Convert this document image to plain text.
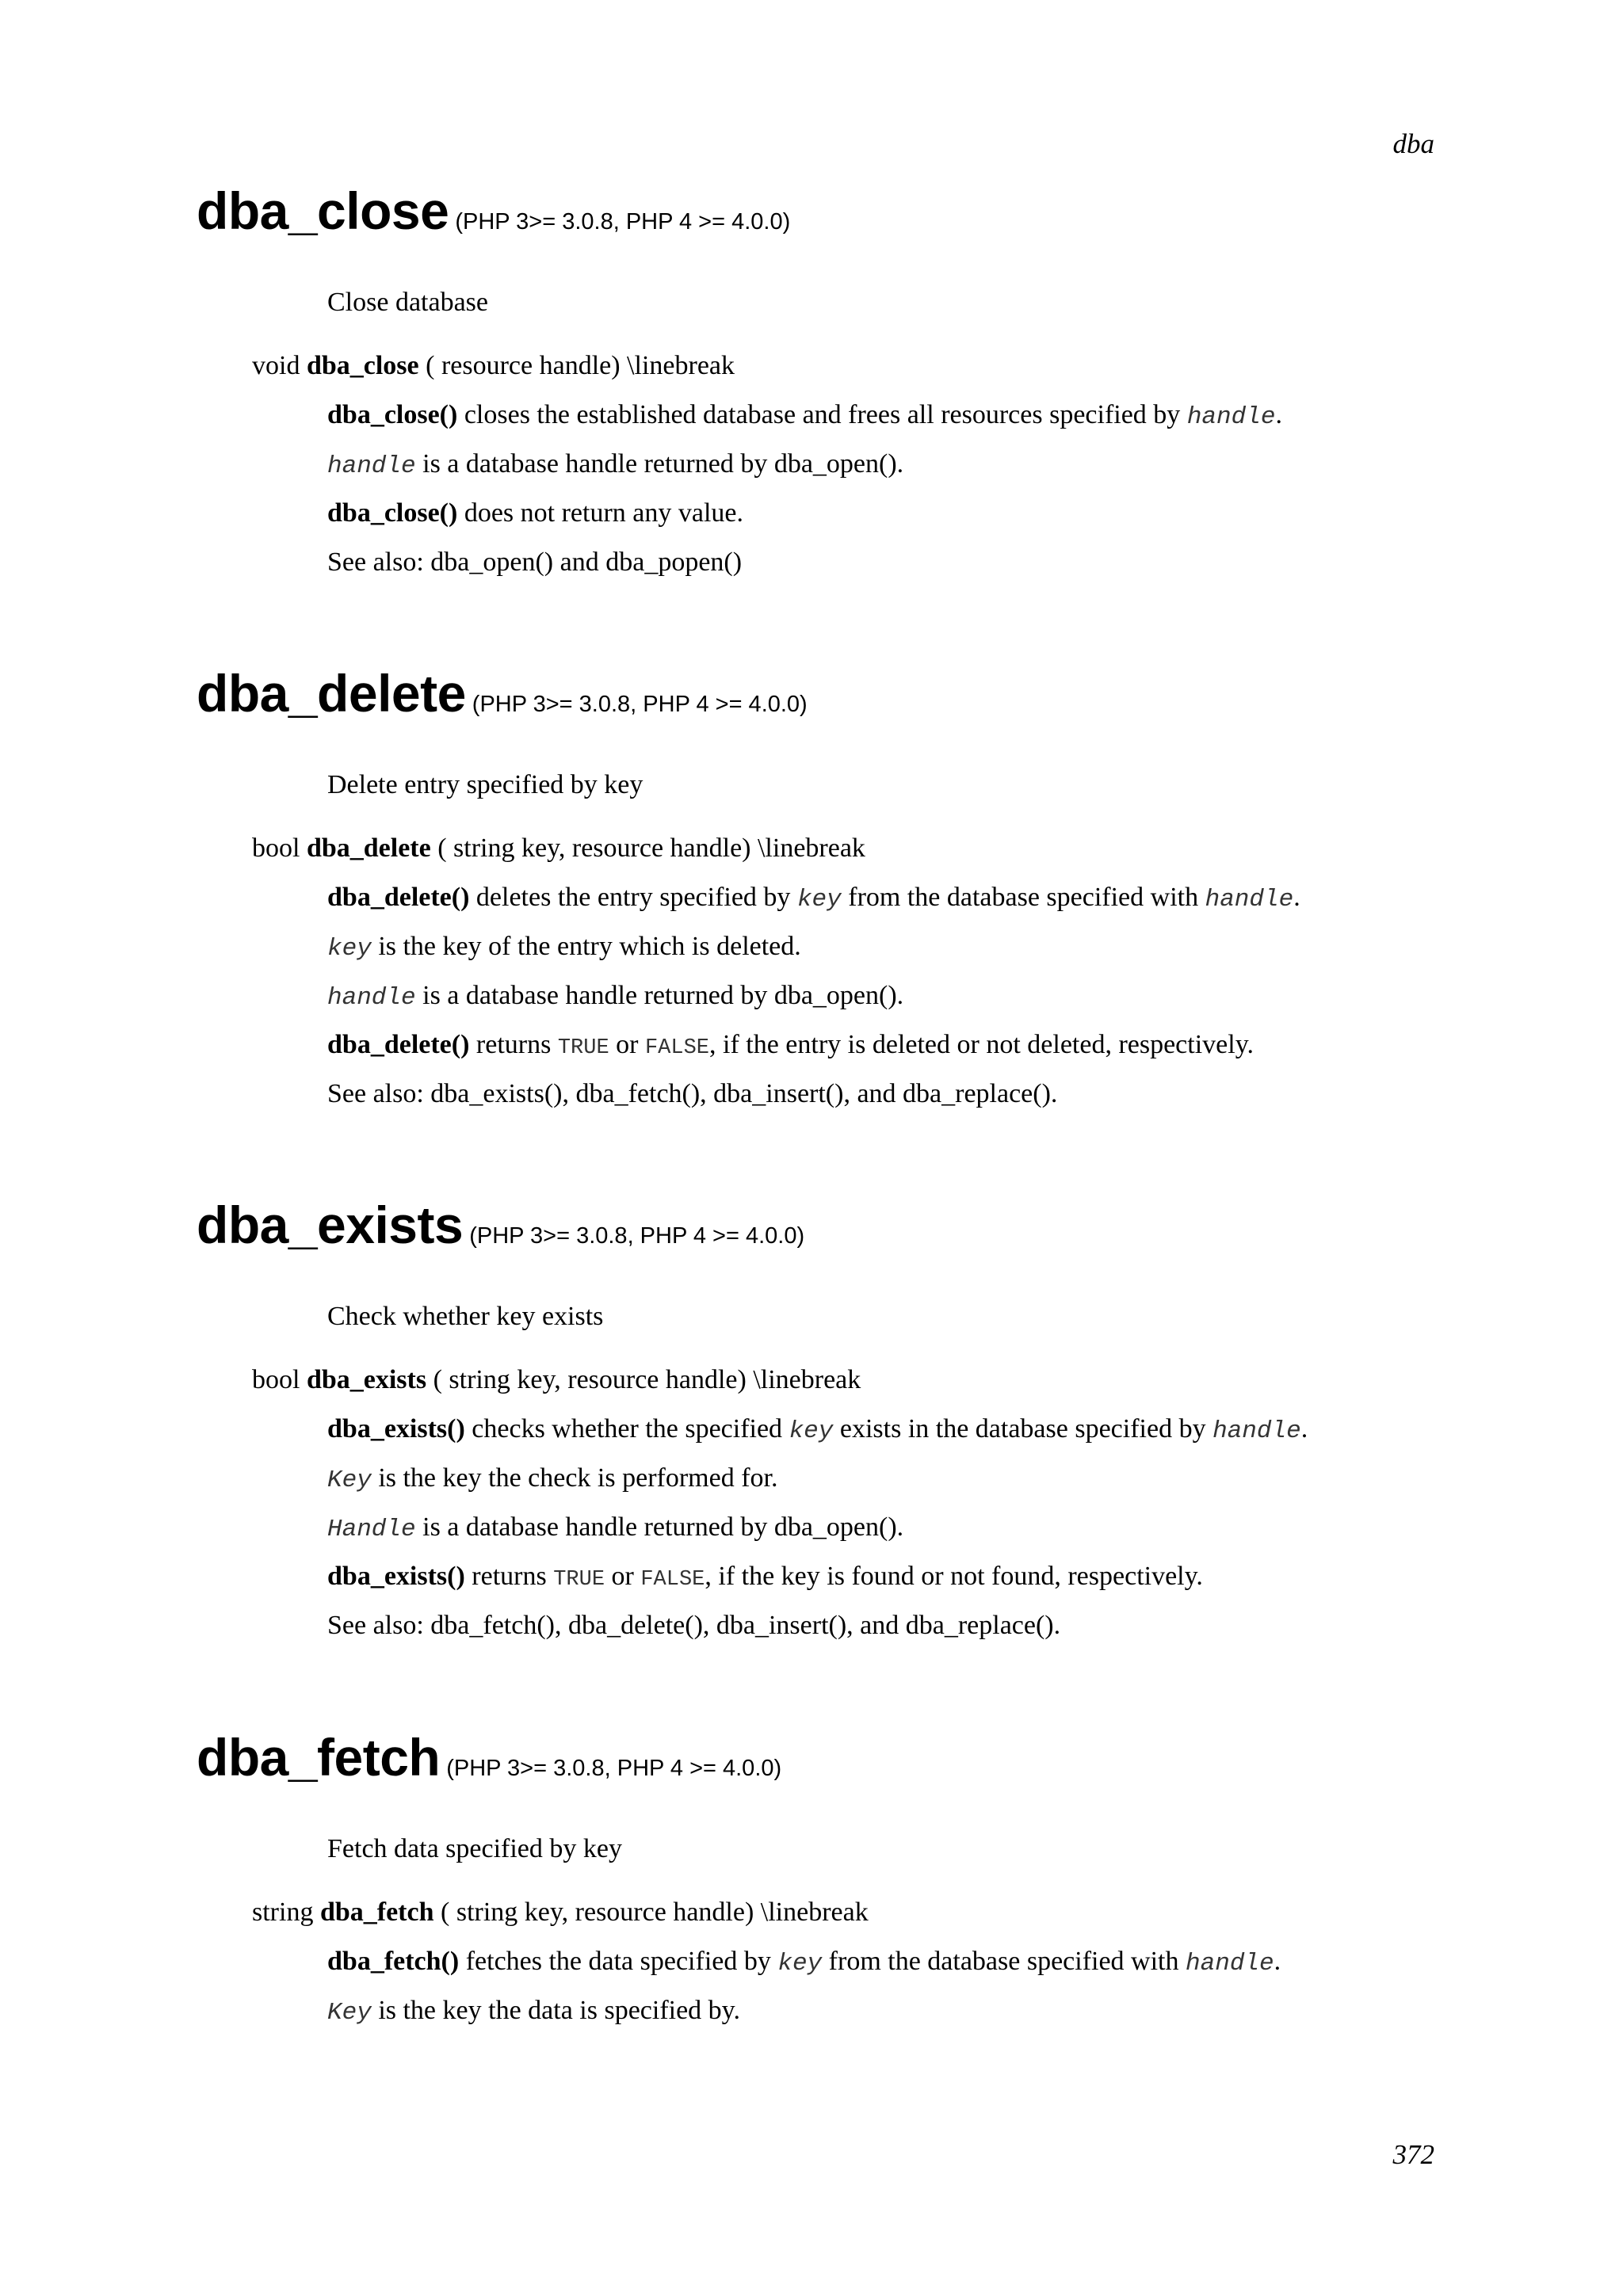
dba
dba_close (PHP 3>= 3.0.8, PHP 4 >= 4.0.0)
Close database
void dba_close ( resource handle) \linebreak
dba_close() closes the established database and frees all resources specified by handle.
handle is a database handle returned by dba_open().
dba_close() does not return any value.
See also: dba_open() and dba_popen()
dba_delete (PHP 3>= 3.0.8, PHP 4 >= 4.0.0)
Delete entry specified by key
bool dba_delete ( string key, resource handle) \linebreak
dba_delete() deletes the entry specified by key from the database specified with handle.
key is the key of the entry which is deleted.
handle is a database handle returned by dba_open().
dba_delete() returns TRUE or FALSE, if the entry is deleted or not deleted, respectively.
See also: dba_exists(), dba_fetch(), dba_insert(), and dba_replace().
dba_exists (PHP 3>= 3.0.8, PHP 4 >= 4.0.0)
Check whether key exists
bool dba_exists ( string key, resource handle) \linebreak
dba_exists() checks whether the specified key exists in the database specified by handle.
Key is the key the check is performed for.
Handle is a database handle returned by dba_open().
dba_exists() returns TRUE or FALSE, if the key is found or not found, respectively.
See also: dba_fetch(), dba_delete(), dba_insert(), and dba_replace().
dba_fetch (PHP 3>= 3.0.8, PHP 4 >= 4.0.0)
Fetch data specified by key
string dba_fetch ( string key, resource handle) \linebreak
dba_fetch() fetches the data specified by key from the database specified with handle.
Key is the key the data is specified by.
372
